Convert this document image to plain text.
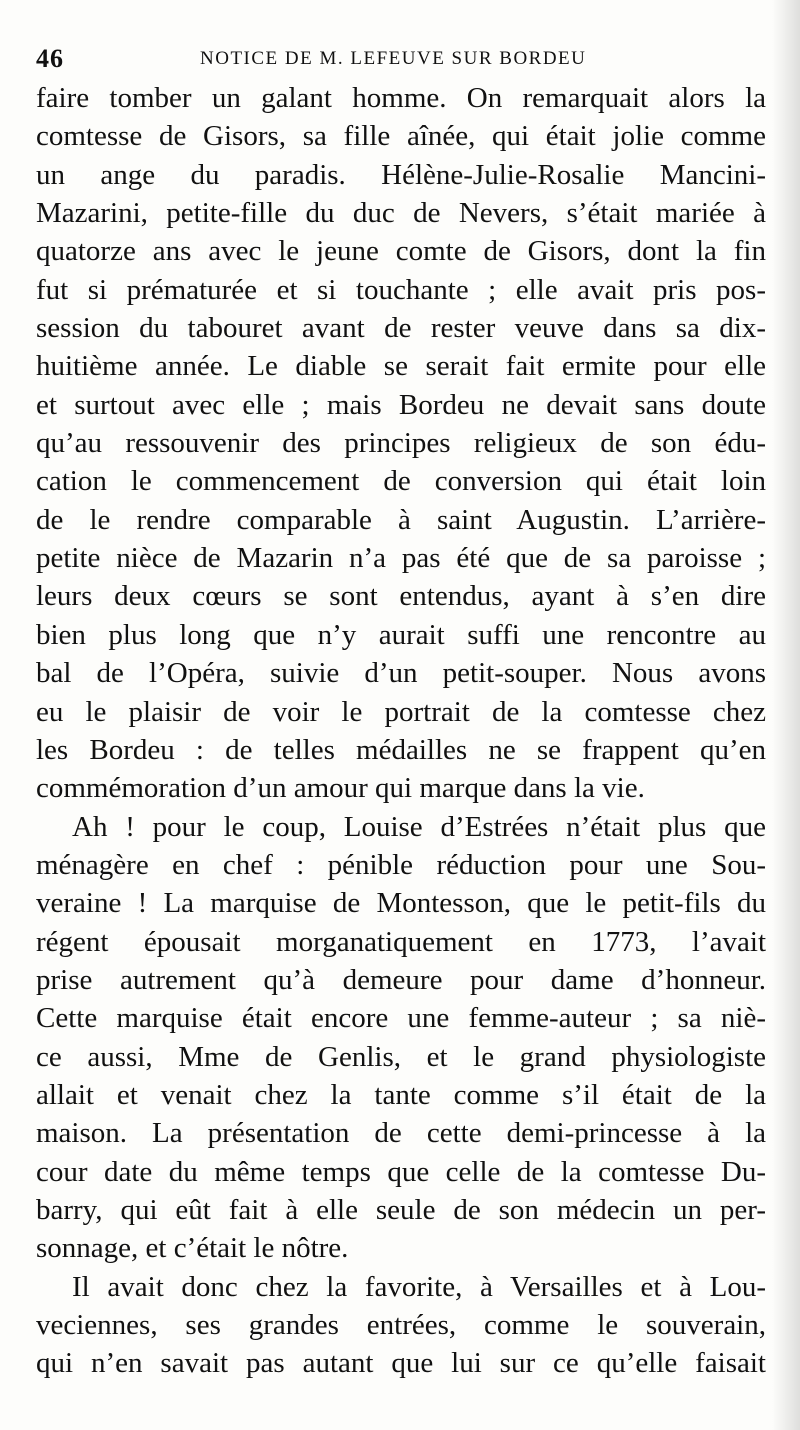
46	NOTICE DE M. LEFEUVE SUR BORDEU
faire tomber un galant homme. On remarquait alors la
comtesse de Gisors, sa fille aînée, qui était jolie comme
un ange du paradis. Hélène-Julie-Rosalie Mancini-
Mazarini, petite-fille du duc de Nevers, s’était mariée à
quatorze ans avec le jeune comte de Gisors, dont la fin
fut si prématurée et si touchante ; elle avait pris pos-
session du tabouret avant de rester veuve dans sa dix-
huitième année. Le diable se serait fait ermite pour elle
et surtout avec elle ; mais Bordeu ne devait sans doute
qu’au ressouvenir des principes religieux de son édu-
cation le commencement de conversion qui était loin
de le rendre comparable à saint Augustin. L’arrière-
petite nièce de Mazarin n’a pas été que de sa paroisse ;
leurs deux cœurs se sont entendus, ayant à s’en dire
bien plus long que n’y aurait suffi une rencontre au
bal de l’Opéra, suivie d’un petit-souper. Nous avons
eu le plaisir de voir le portrait de la comtesse chez
les Bordeu : de telles médailles ne se frappent qu’en
commémoration d’un amour qui marque dans la vie.
Ah ! pour le coup, Louise d’Estrées n’était plus que
ménagère en chef : pénible réduction pour une Sou-
veraine ! La marquise de Montesson, que le petit-fils du
régent épousait morganatiquement en 1773, l’avait
prise autrement qu’à demeure pour dame d’honneur.
Cette marquise était encore une femme-auteur ; sa niè-
ce aussi, Mme de Genlis, et le grand physiologiste
allait et venait chez la tante comme s’il était de la
maison. La présentation de cette demi-princesse à la
cour date du même temps que celle de la comtesse Du-
barry, qui eût fait à elle seule de son médecin un per-
sonnage, et c’était le nôtre.
Il avait donc chez la favorite, à Versailles et à Lou-
veciennes, ses grandes entrées, comme le souverain,
qui n’en savait pas autant que lui sur ce qu’elle faisait
